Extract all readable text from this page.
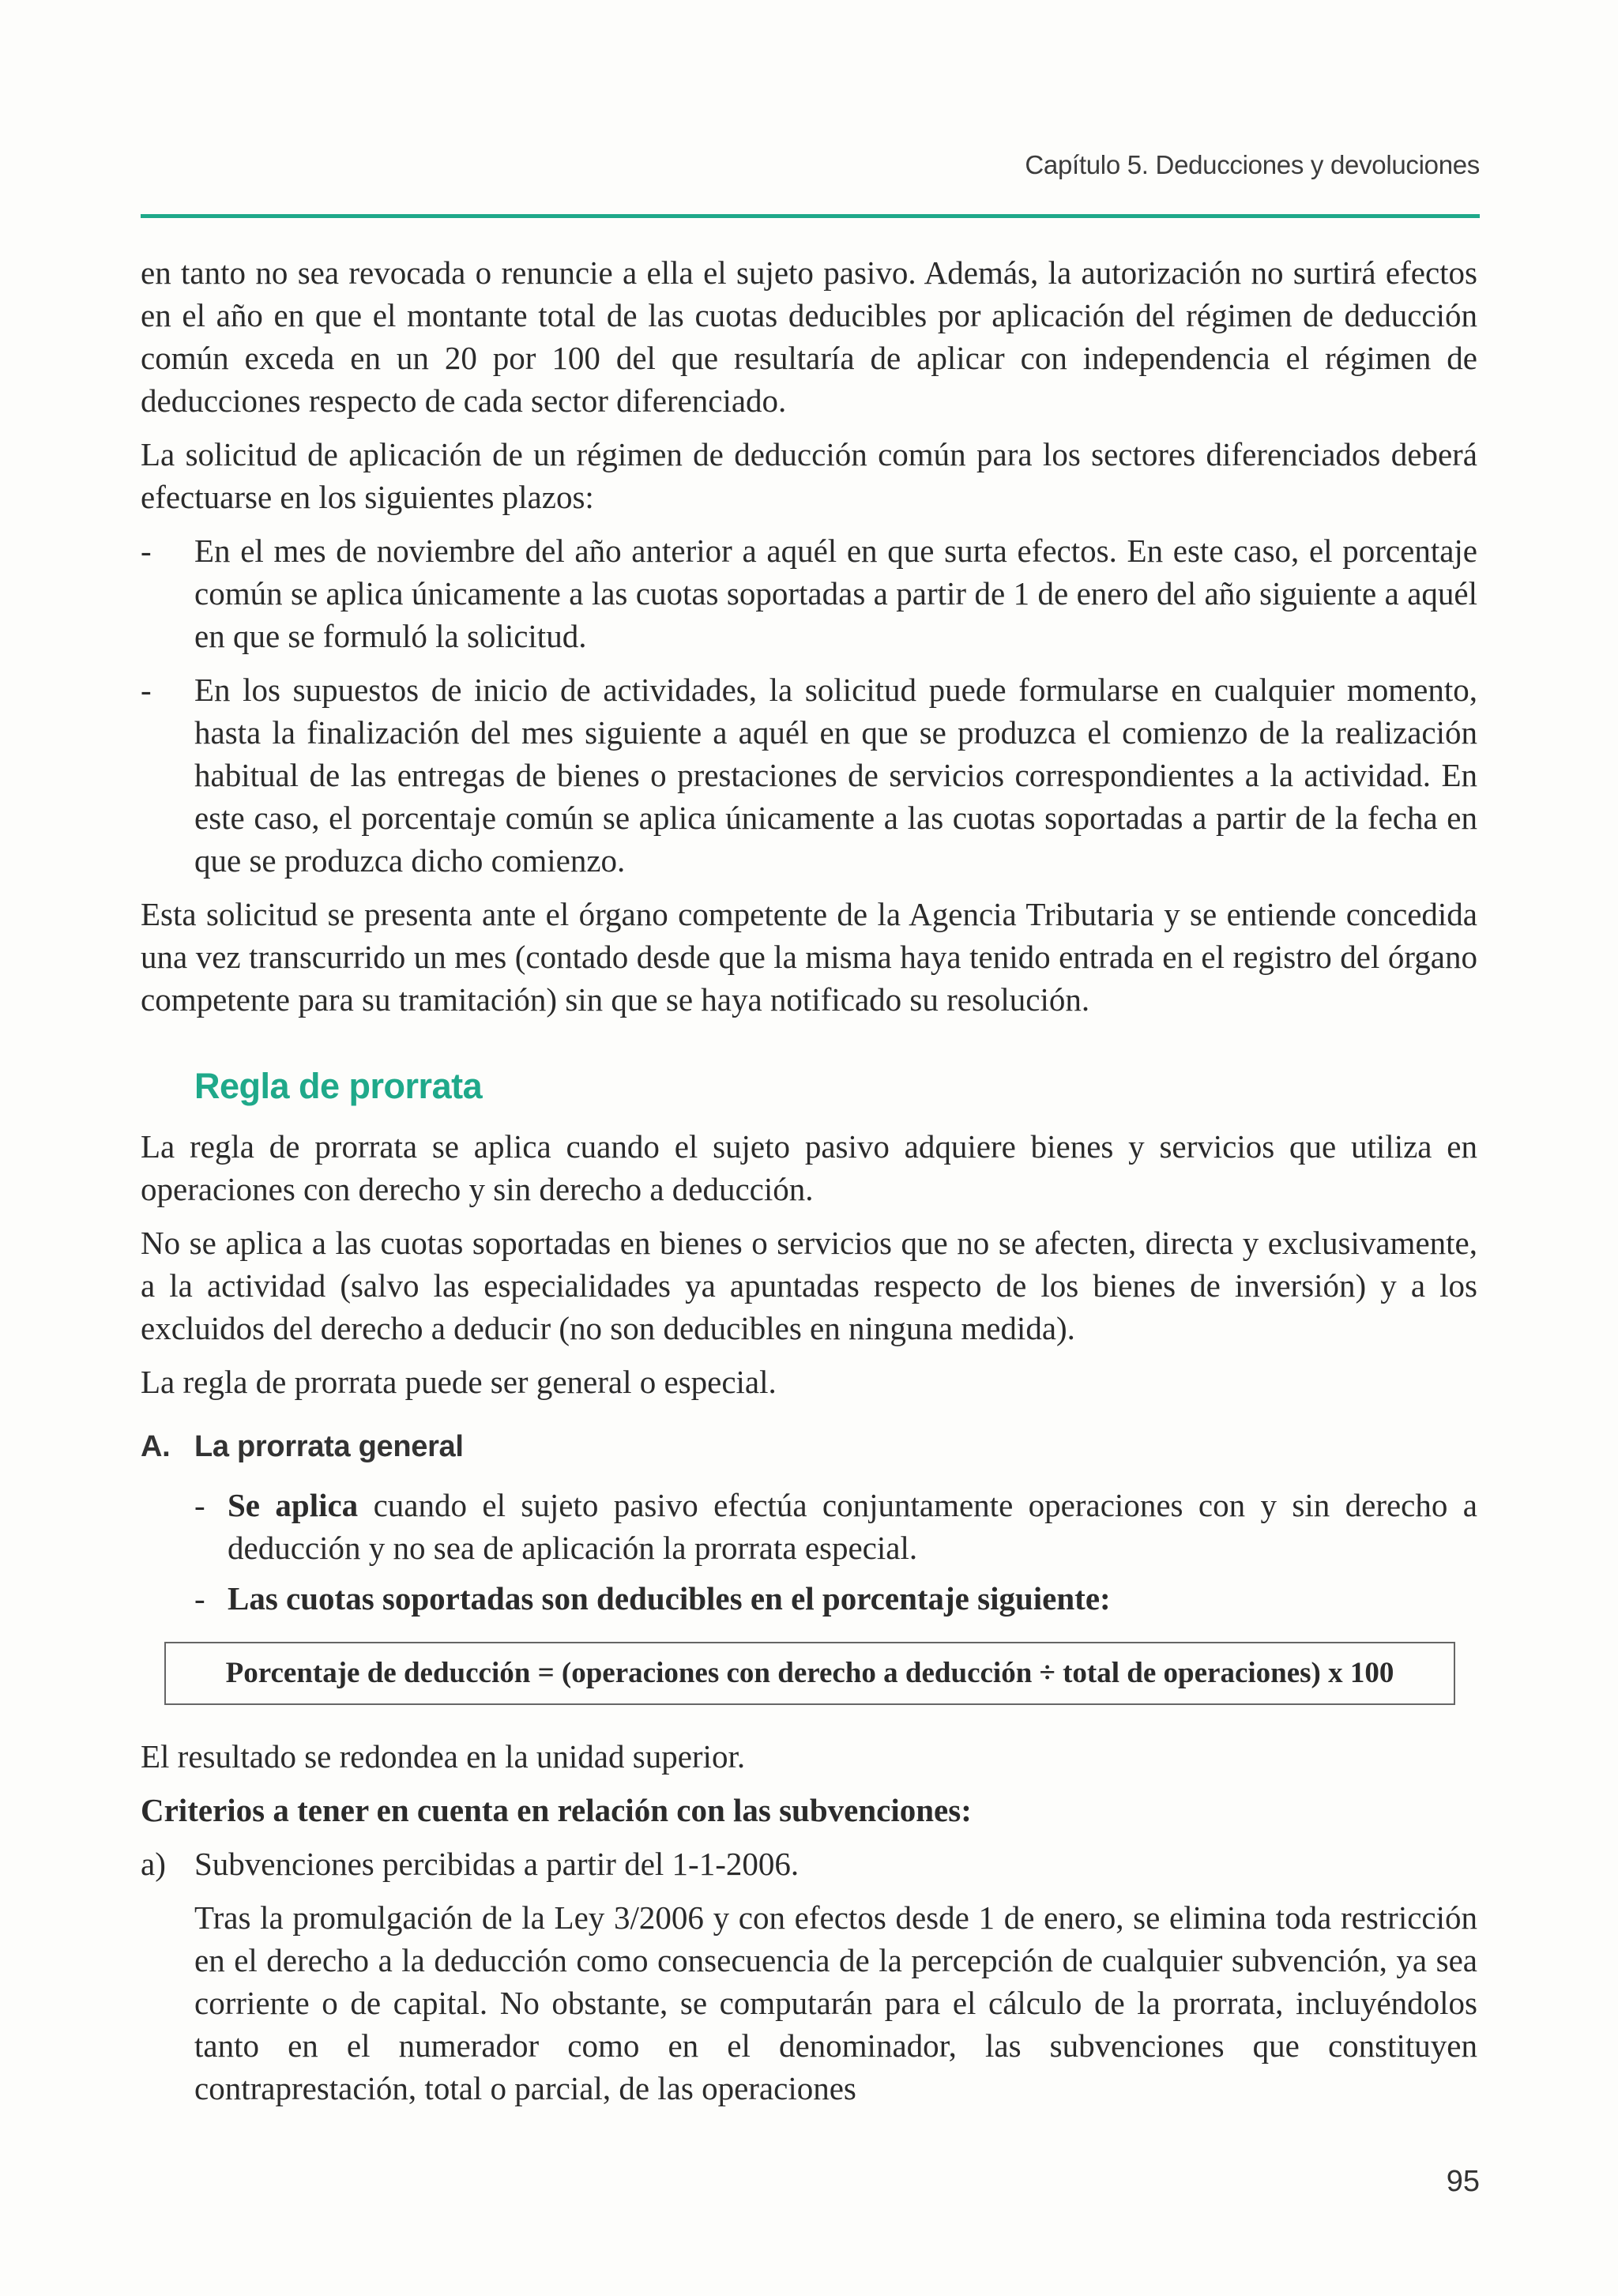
Capítulo 5. Deducciones y devoluciones

en tanto no sea revocada o renuncie a ella el sujeto pasivo. Además, la autorización no surtirá efectos en el año en que el montante total de las cuotas deducibles por aplicación del régimen de deducción común exceda en un 20 por 100 del que resultaría de aplicar con independencia el régimen de deducciones respecto de cada sector diferenciado.

La solicitud de aplicación de un régimen de deducción común para los sectores diferenciados deberá efectuarse en los siguientes plazos:

- En el mes de noviembre del año anterior a aquél en que surta efectos. En este caso, el porcentaje común se aplica únicamente a las cuotas soportadas a partir de 1 de enero del año siguiente a aquél en que se formuló la solicitud.
- En los supuestos de inicio de actividades, la solicitud puede formularse en cualquier momento, hasta la finalización del mes siguiente a aquél en que se produzca el comienzo de la realización habitual de las entregas de bienes o prestaciones de servicios correspondientes a la actividad. En este caso, el porcentaje común se aplica únicamente a las cuotas soportadas a partir de la fecha en que se produzca dicho comienzo.

Esta solicitud se presenta ante el órgano competente de la Agencia Tributaria y se entiende concedida una vez transcurrido un mes (contado desde que la misma haya tenido entrada en el registro del órgano competente para su tramitación) sin que se haya notificado su resolución.

Regla de prorrata

La regla de prorrata se aplica cuando el sujeto pasivo adquiere bienes y servicios que utiliza en operaciones con derecho y sin derecho a deducción.

No se aplica a las cuotas soportadas en bienes o servicios que no se afecten, directa y exclusivamente, a la actividad (salvo las especialidades ya apuntadas respecto de los bienes de inversión) y a los excluidos del derecho a deducir (no son deducibles en ninguna medida).

La regla de prorrata puede ser general o especial.

A. La prorrata general
- Se aplica cuando el sujeto pasivo efectúa conjuntamente operaciones con y sin derecho a deducción y no sea de aplicación la prorrata especial.
- Las cuotas soportadas son deducibles en el porcentaje siguiente:
Porcentaje de deducción = (operaciones con derecho a deducción ÷ total de operaciones) x 100

El resultado se redondea en la unidad superior.

Criterios a tener en cuenta en relación con las subvenciones:

a) Subvenciones percibidas a partir del 1-1-2006.

Tras la promulgación de la Ley 3/2006 y con efectos desde 1 de enero, se elimina toda restricción en el derecho a la deducción como consecuencia de la percepción de cualquier subvención, ya sea corriente o de capital. No obstante, se computarán para el cálculo de la prorrata, incluyéndolos tanto en el numerador como en el denominador, las subvenciones que constituyen contraprestación, total o parcial, de las operaciones

95
